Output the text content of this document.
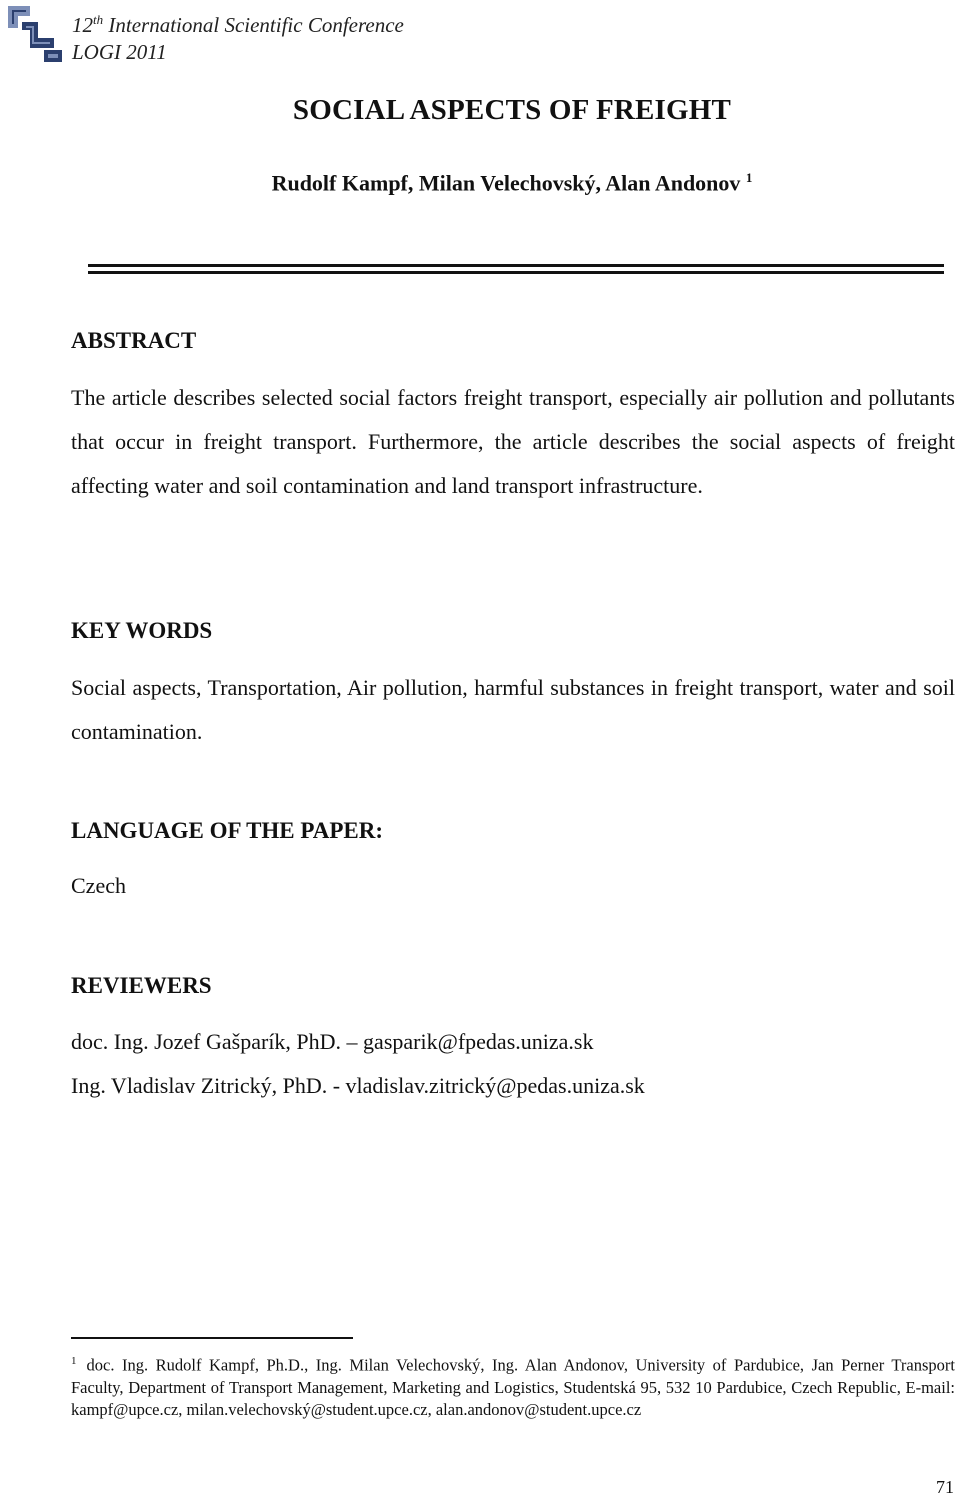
12th International Scientific Conference
LOGI 2011
SOCIAL ASPECTS OF FREIGHT
Rudolf Kampf, Milan Velechovský, Alan Andonov $^1$
ABSTRACT
The article describes selected social factors freight transport, especially air pollution and pollutants that occur in freight transport. Furthermore, the article describes the social aspects of freight affecting water and soil contamination and land transport infrastructure.
KEY WORDS
Social aspects, Transportation, Air pollution, harmful substances in freight transport, water and soil contamination.
LANGUAGE OF THE PAPER:
Czech
REVIEWERS
doc. Ing. Jozef Gašparík, PhD. – gasparik@fpedas.uniza.sk
Ing. Vladislav Zitrický, PhD. - vladislav.zitrický@pedas.uniza.sk
$^1$ doc. Ing. Rudolf Kampf, Ph.D., Ing. Milan Velechovský, Ing. Alan Andonov, University of Pardubice, Jan Perner Transport Faculty, Department of Transport Management, Marketing and Logistics, Studentská 95, 532 10 Pardubice, Czech Republic, E-mail: kampf@upce.cz, milan.velechovský@student.upce.cz, alan.andonov@student.upce.cz
71
